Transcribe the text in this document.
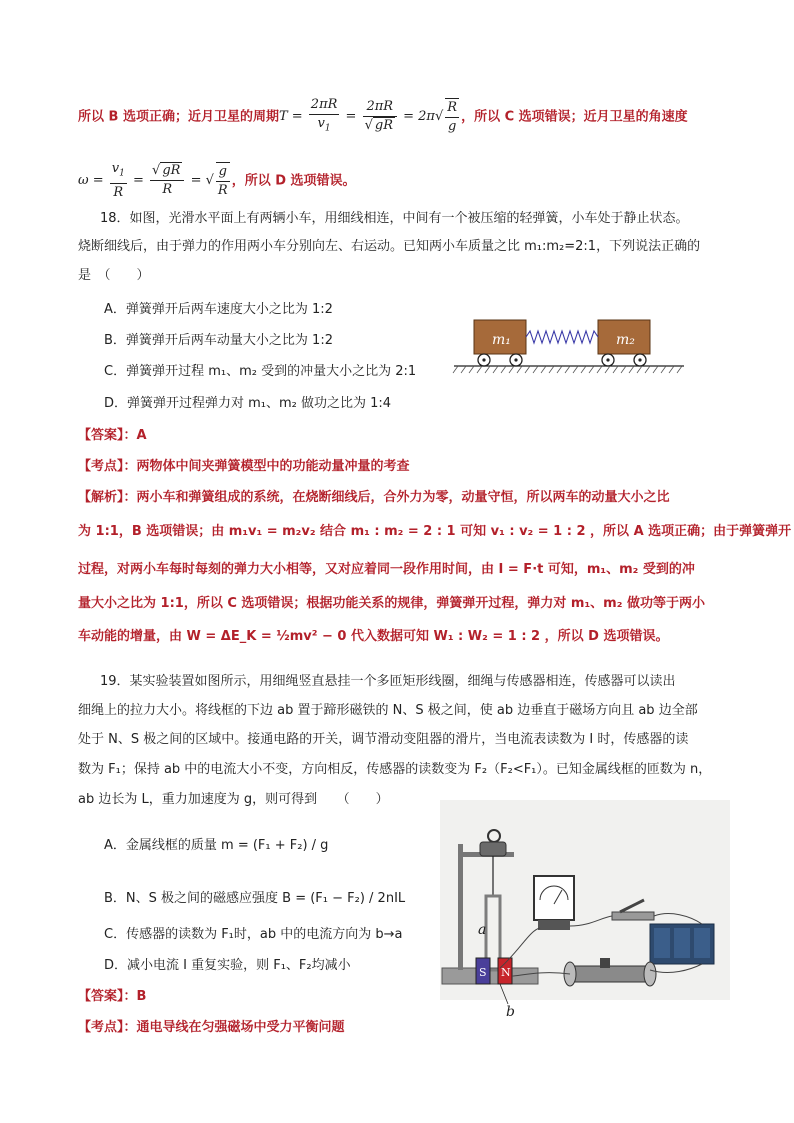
所以 B 选项正确；近月卫星的周期$T = \frac{2\pi R}{v_1} = \frac{2\pi R}{√ gR} = 2\pi√ \frac{R}{g}$ ，所以 C 选项错误；近月卫星的角速度
$\omega = \frac{v_1}{R} = \frac{√ gR}{R}$ = √ $\frac{g}{R}$ ，所以 D 选项错误。
18．如图，光滑水平面上有两辆小车，用细线相连，中间有一个被压缩的轻弹簧，小车处于静止状态。
烧断细线后，由于弹力的作用两小车分别向左、右运动。已知两小车质量之比 m₁:m₂=2:1，下列说法正确的
是　（　　）
A．弹簧弹开后两车速度大小之比为 1:2
B．弹簧弹开后两车动量大小之比为 1:2
C．弹簧弹开过程 m₁、m₂ 受到的冲量大小之比为 2:1
D．弹簧弹开过程弹力对 m₁、m₂ 做功之比为 1:4
m₁	m₂
【答案】：A
【考点】：两物体中间夹弹簧模型中的功能动量冲量的考查
【解析】：两小车和弹簧组成的系统，在烧断细线后，合外力为零，动量守恒，所以两车的动量大小之比
为 1:1，B 选项错误；由 m₁v₁ = m₂v₂ 结合 m₁ : m₂ = 2 : 1 可知 v₁ : v₂ = 1 : 2 ，所以 A 选项正确；由于弹簧弹开
过程，对两小车每时每刻的弹力大小相等，又对应着同一段作用时间，由 I = F·t 可知，m₁、m₂ 受到的冲
量大小之比为 1:1，所以 C 选项错误；根据功能关系的规律，弹簧弹开过程，弹力对 m₁、m₂ 做功等于两小
车动能的增量，由 W = ΔE_K = ½mv² − 0 代入数据可知 W₁ : W₂ = 1 : 2 ，所以 D 选项错误。
19．某实验装置如图所示，用细绳竖直悬挂一个多匝矩形线圈，细绳与传感器相连，传感器可以读出
细绳上的拉力大小。将线框的下边 ab 置于蹄形磁铁的 N、S 极之间，使 ab 边垂直于磁场方向且 ab 边全部
处于 N、S 极之间的区域中。接通电路的开关，调节滑动变阻器的滑片，当电流表读数为 I 时，传感器的读
数为 F₁；保持 ab 中的电流大小不变，方向相反，传感器的读数变为 F₂（F₂<F₁）。已知金属线框的匝数为 n，
ab 边长为 L，重力加速度为 g，则可得到　　（　　）
A．金属线框的质量 m = (F₁ + F₂) / g
B．N、S 极之间的磁感应强度 B = (F₁ − F₂) / 2nIL
C．传感器的读数为 F₁时，ab 中的电流方向为 b→a
D．减小电流 I 重复实验，则 F₁、F₂均减小	S N
a
b
【答案】：B
【考点】：通电导线在匀强磁场中受力平衡问题
